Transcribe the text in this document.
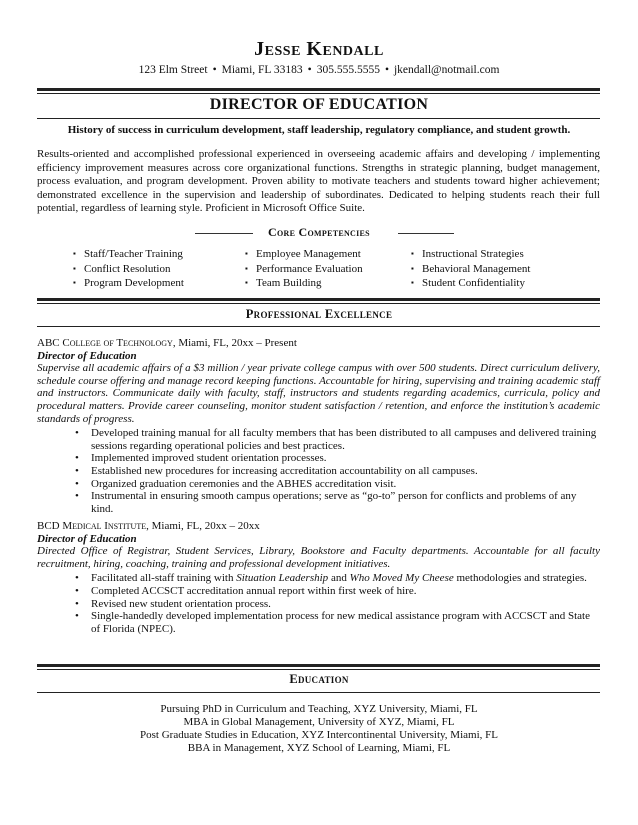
Jesse Kendall
123 Elm Street • Miami, FL 33183 • 305.555.5555 • jkendall@notmail.com
DIRECTOR OF EDUCATION
History of success in curriculum development, staff leadership, regulatory compliance, and student growth.
Results-oriented and accomplished professional experienced in overseeing academic affairs and developing / implementing efficiency improvement measures across core organizational functions. Strengths in strategic planning, budget management, process evaluation, and program development. Proven ability to motivate teachers and students toward higher achievement; demonstrated excellence in the supervision and leadership of subordinates. Dedicated to helping students reach their full potential, regardless of learning style. Proficient in Microsoft Office Suite.
Core Competencies
▪ Staff/Teacher Training
▪ Conflict Resolution
▪ Program Development
▪ Employee Management
▪ Performance Evaluation
▪ Team Building
▪ Instructional Strategies
▪ Behavioral Management
▪ Student Confidentiality
Professional Excellence
ABC College of Technology, Miami, FL, 20xx – Present
Director of Education
Supervise all academic affairs of a $3 million / year private college campus with over 500 students. Direct curriculum delivery, schedule course offering and manage record keeping functions. Accountable for hiring, supervising and training academic staff and instructors. Communicate daily with faculty, staff, instructors and students regarding academics, curricula, policy and procedural matters. Provide career counseling, monitor student satisfaction / retention, and enforce the institution’s academic standards of progress.
• Developed training manual for all faculty members that has been distributed to all campuses and delivered training sessions regarding operational policies and best practices.
• Implemented improved student orientation processes.
• Established new procedures for increasing accreditation accountability on all campuses.
• Organized graduation ceremonies and the ABHES accreditation visit.
• Instrumental in ensuring smooth campus operations; serve as “go-to” person for conflicts and problems of any kind.
BCD Medical Institute, Miami, FL, 20xx – 20xx
Director of Education
Directed Office of Registrar, Student Services, Library, Bookstore and Faculty departments. Accountable for all faculty recruitment, hiring, coaching, training and professional development initiatives.
• Facilitated all-staff training with Situation Leadership and Who Moved My Cheese methodologies and strategies.
• Completed ACCSCT accreditation annual report within first week of hire.
• Revised new student orientation process.
• Single-handedly developed implementation process for new medical assistance program with ACCSCT and State of Florida (NPEC).
Education
Pursuing PhD in Curriculum and Teaching, XYZ University, Miami, FL
MBA in Global Management, University of XYZ, Miami, FL
Post Graduate Studies in Education, XYZ Intercontinental University, Miami, FL
BBA in Management, XYZ School of Learning, Miami, FL
